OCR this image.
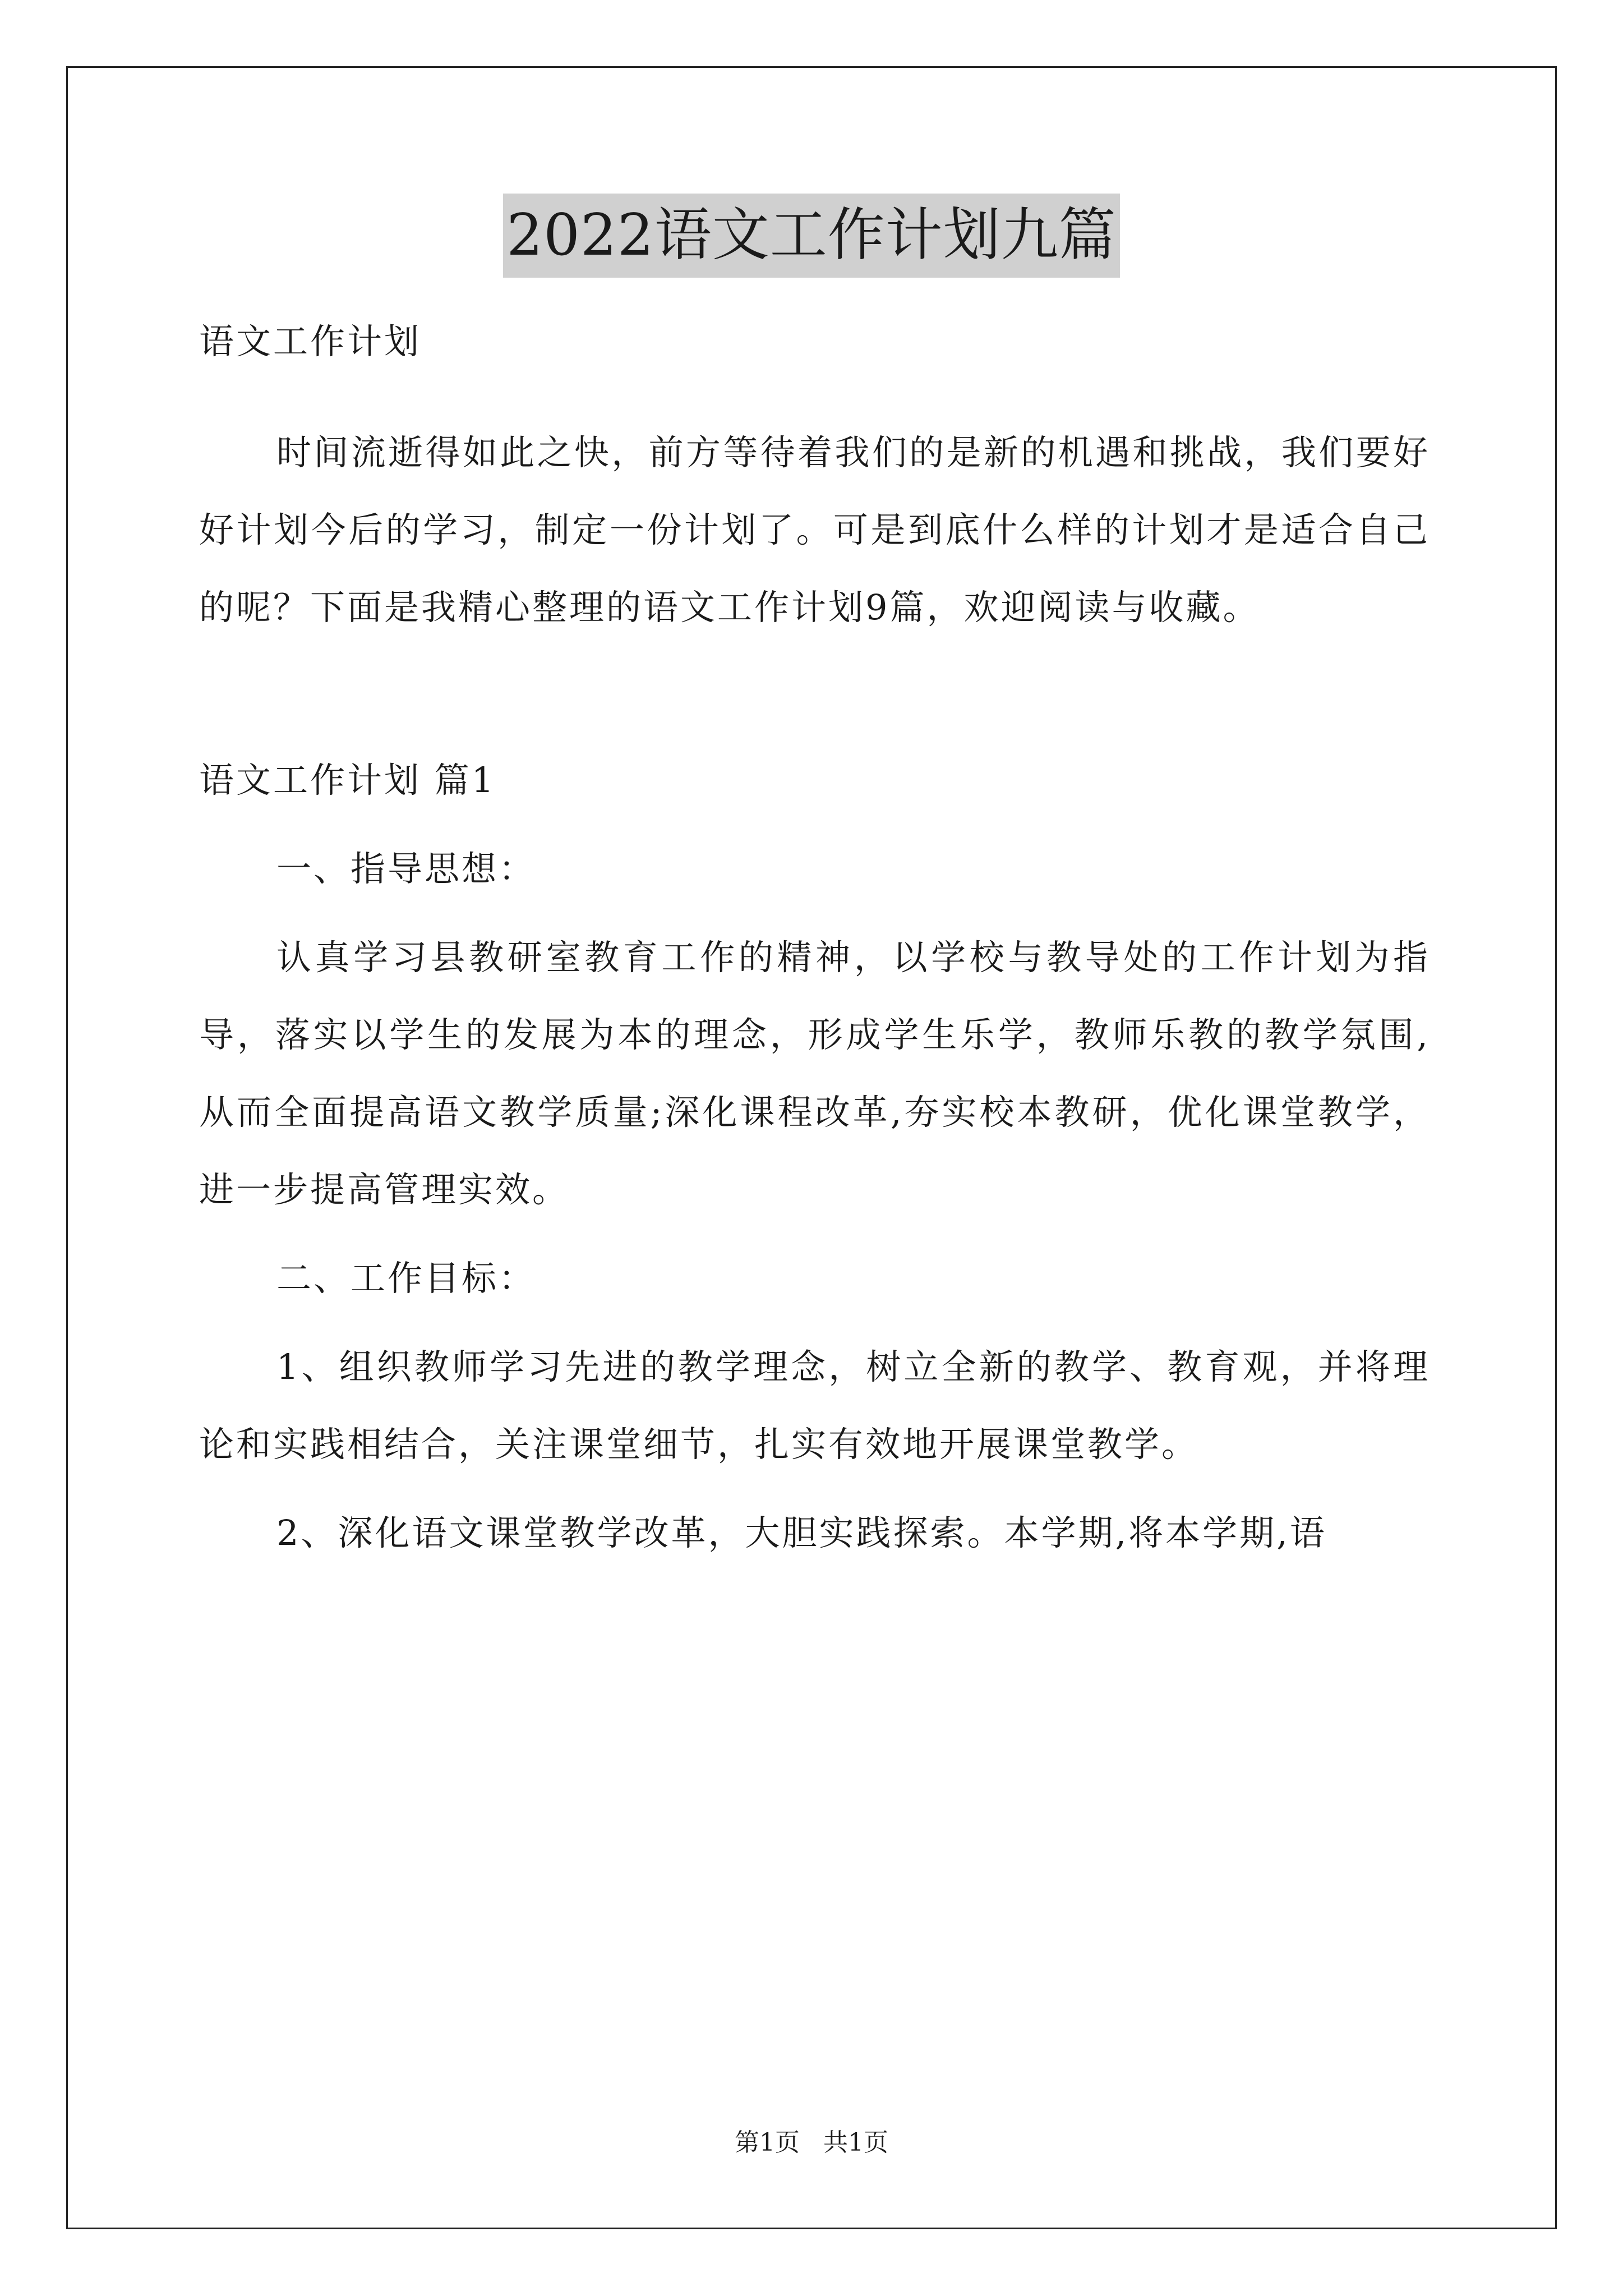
2022语文工作计划九篇

语文工作计划

时间流逝得如此之快，前方等待着我们的是新的机遇和挑战，我们要好好计划今后的学习，制定一份计划了。可是到底什么样的计划才是适合自己的呢？下面是我精心整理的语文工作计划9篇，欢迎阅读与收藏。

语文工作计划 篇1

一、指导思想：

认真学习县教研室教育工作的精神，以学校与教导处的工作计划为指导，落实以学生的发展为本的理念，形成学生乐学，教师乐教的教学氛围,从而全面提高语文教学质量;深化课程改革,夯实校本教研，优化课堂教学，进一步提高管理实效。

二、工作目标：

1、组织教师学习先进的教学理念，树立全新的教学、教育观，并将理论和实践相结合，关注课堂细节，扎实有效地开展课堂教学。

2、深化语文课堂教学改革，大胆实践探索。本学期,将本学期,语

第1页   共1页
